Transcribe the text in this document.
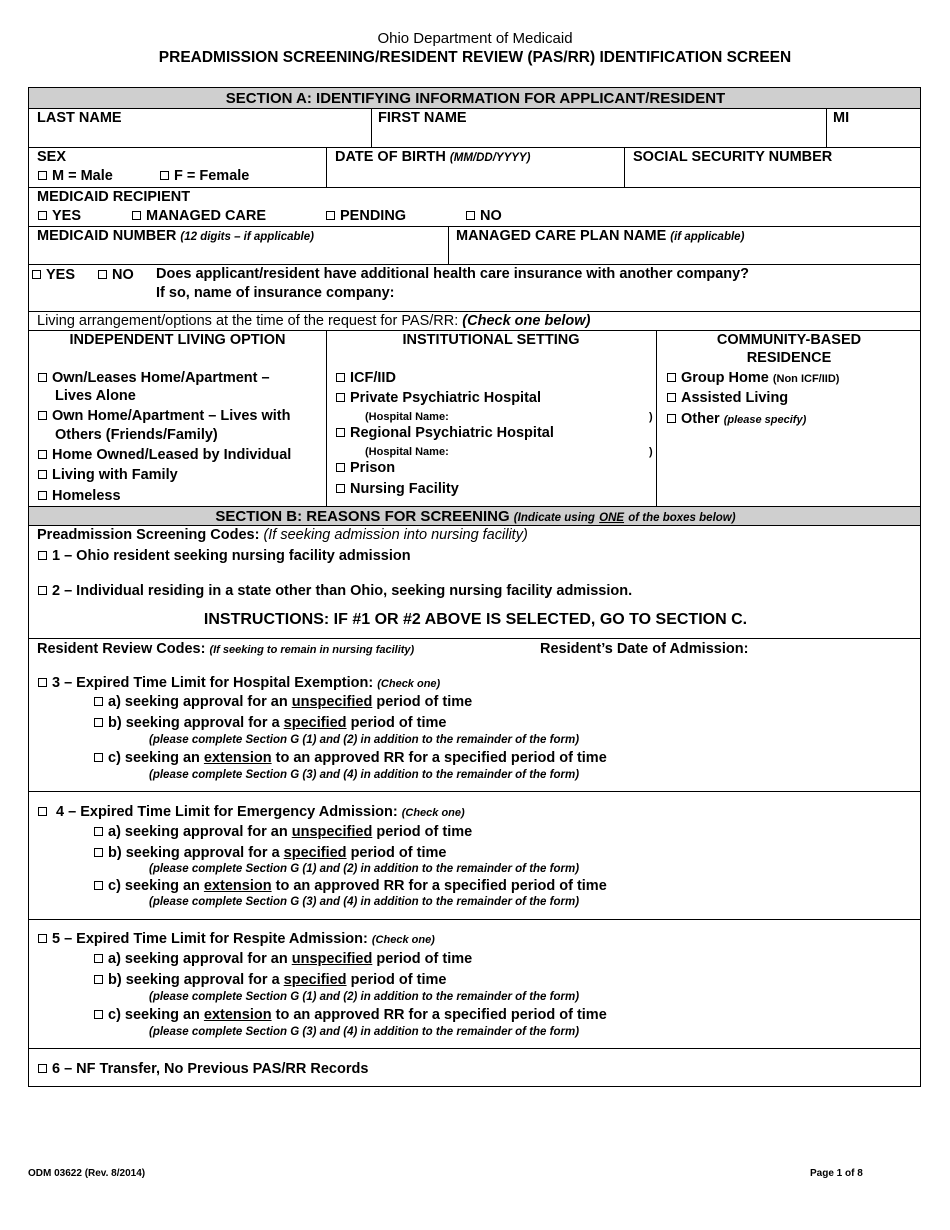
Ohio Department of Medicaid
PREADMISSION SCREENING/RESIDENT REVIEW (PAS/RR) IDENTIFICATION SCREEN
SECTION A: IDENTIFYING INFORMATION FOR APPLICANT/RESIDENT
LAST NAME	FIRST NAME	MI
SEX
M = Male	F = Female
DATE OF BIRTH (MM/DD/YYYY)	SOCIAL SECURITY NUMBER
MEDICAID RECIPIENT
YES	MANAGED CARE	PENDING	NO
MEDICAID NUMBER (12 digits – if applicable)	MANAGED CARE PLAN NAME (if applicable)
YES	NO Does applicant/resident have additional health care insurance with another company?
If so, name of insurance company:
Living arrangement/options at the time of the request for PAS/RR: (Check one below)
INDEPENDENT LIVING OPTION
Own/Leases Home/Apartment –
Lives Alone
Own Home/Apartment – Lives with
Others (Friends/Family)
Home Owned/Leased by Individual
Living with Family
Homeless
INSTITUTIONAL SETTING
ICF/IID
Private Psychiatric Hospital
(Hospital Name:	)
Regional Psychiatric Hospital
(Hospital Name:	)
Prison
Nursing Facility
COMMUNITY-BASED
RESIDENCE
Group Home (Non ICF/IID)
Assisted Living
Other (please specify)
SECTION B: REASONS FOR SCREENING (Indicate using ONE of the boxes below)
Preadmission Screening Codes: (If seeking admission into nursing facility)
1 – Ohio resident seeking nursing facility admission
2 – Individual residing in a state other than Ohio, seeking nursing facility admission.
INSTRUCTIONS: IF #1 OR #2 ABOVE IS SELECTED, GO TO SECTION C.
Resident Review Codes: (If seeking to remain in nursing facility)	Resident’s Date of Admission:
3 – Expired Time Limit for Hospital Exemption: (Check one)
a) seeking approval for an unspecified period of time
b) seeking approval for a specified period of time
(please complete Section G (1) and (2) in addition to the remainder of the form)
c) seeking an extension to an approved RR for a specified period of time
(please complete Section G (3) and (4) in addition to the remainder of the form)
4 – Expired Time Limit for Emergency Admission: (Check one)
a) seeking approval for an unspecified period of time
b) seeking approval for a specified period of time
(please complete Section G (1) and (2) in addition to the remainder of the form)
c) seeking an extension to an approved RR for a specified period of time
(please complete Section G (3) and (4) in addition to the remainder of the form)
5 – Expired Time Limit for Respite Admission: (Check one)
a) seeking approval for an unspecified period of time
b) seeking approval for a specified period of time
(please complete Section G (1) and (2) in addition to the remainder of the form)
c) seeking an extension to an approved RR for a specified period of time
(please complete Section G (3) and (4) in addition to the remainder of the form)
6 – NF Transfer, No Previous PAS/RR Records
ODM 03622 (Rev. 8/2014)	Page 1 of 8
